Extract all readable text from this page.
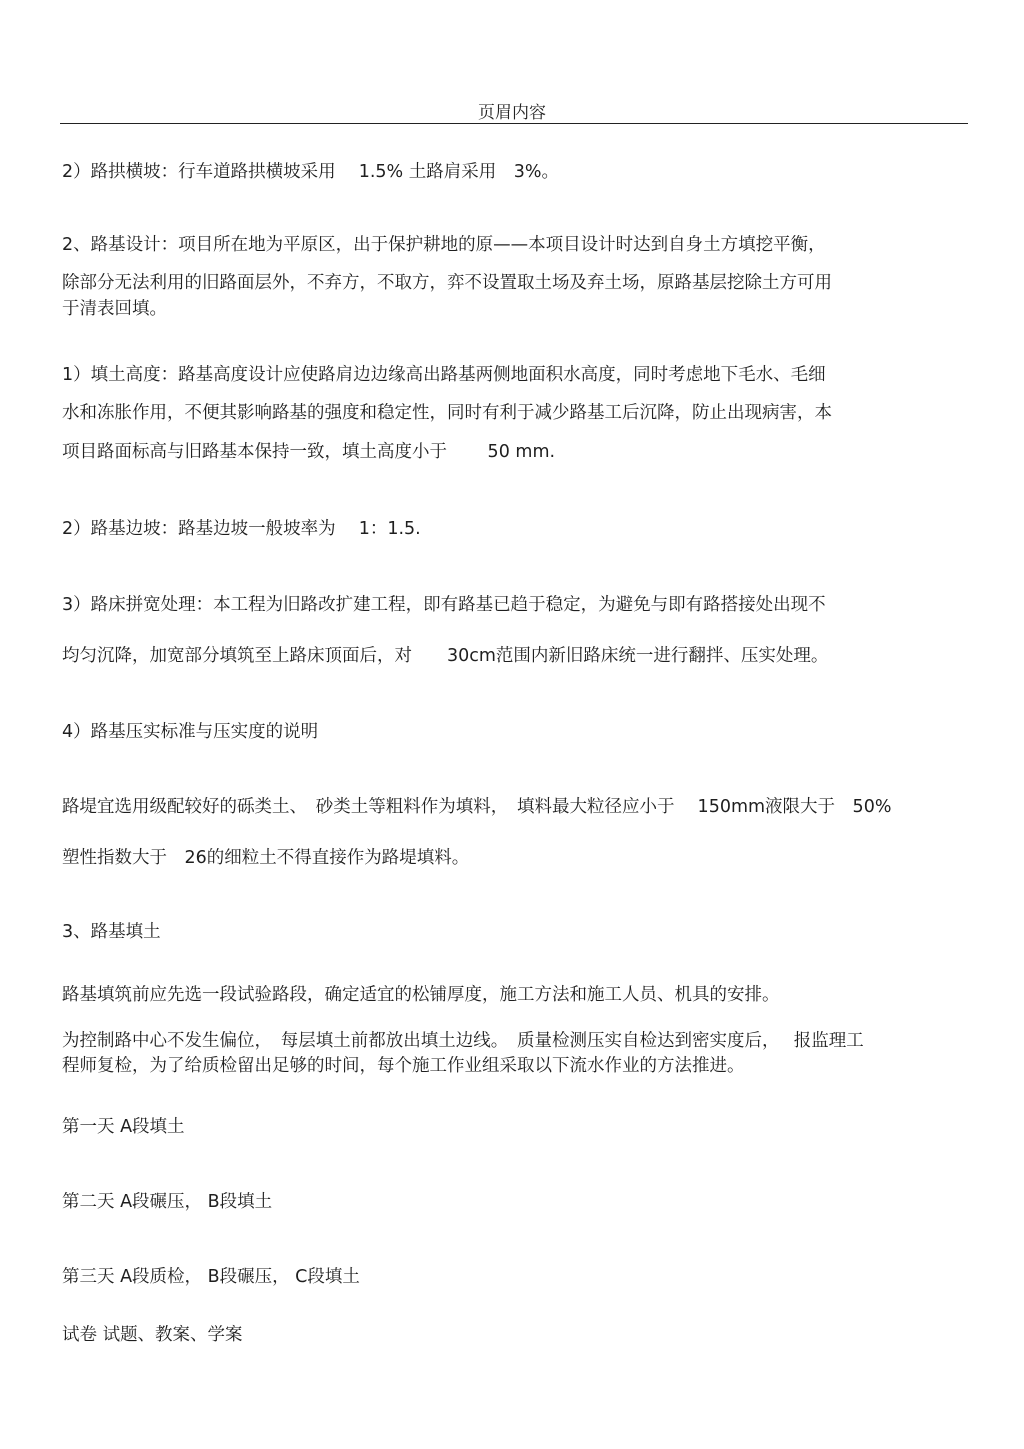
页眉内容
2）路拱横坡：行车道路拱横坡采用　 1.5% 土路肩采用　3%。
2、路基设计：项目所在地为平原区，出于保护耕地的原——本项目设计时达到自身土方填挖平衡，
除部分无法利用的旧路面层外，不弃方，不取方，弈不设置取土场及弃土场，原路基层挖除土方可用
于清表回填。
1）填土高度：路基高度设计应使路肩边边缘高出路基两侧地面积水高度，同时考虑地下毛水、毛细
水和冻胀作用，不便其影响路基的强度和稳定性，同时有利于减少路基工后沉降，防止出现病害，本
项目路面标高与旧路基本保持一致，填土高度小于　　 50 mm.
2）路基边坡：路基边坡一般坡率为　 1：1.5.
3）路床拼宽处理：本工程为旧路改扩建工程，即有路基已趋于稳定，为避免与即有路搭接处出现不
均匀沉降，加宽部分填筑至上路床顶面后，对　　30cm范围内新旧路床统一进行翻拌、压实处理。
4）路基压实标准与压实度的说明
路堤宜选用级配较好的砾类土、　砂类土等粗料作为填料，　填料最大粒径应小于　 150mm液限大于　50%
塑性指数大于　26的细粒土不得直接作为路堤填料。
3、路基填土
路基填筑前应先选一段试验路段，确定适宜的松铺厚度，施工方法和施工人员、机具的安排。
为控制路中心不发生偏位，　每层填土前都放出填土边线。　质量检测压实自检达到密实度后，　 报监理工
程师复检，为了给质检留出足够的时间，每个施工作业组采取以下流水作业的方法推进。
第一天 A段填土
第二天 A段碾压， B段填土
第三天 A段质检， B段碾压， C段填土
试卷 试题、教案、学案
